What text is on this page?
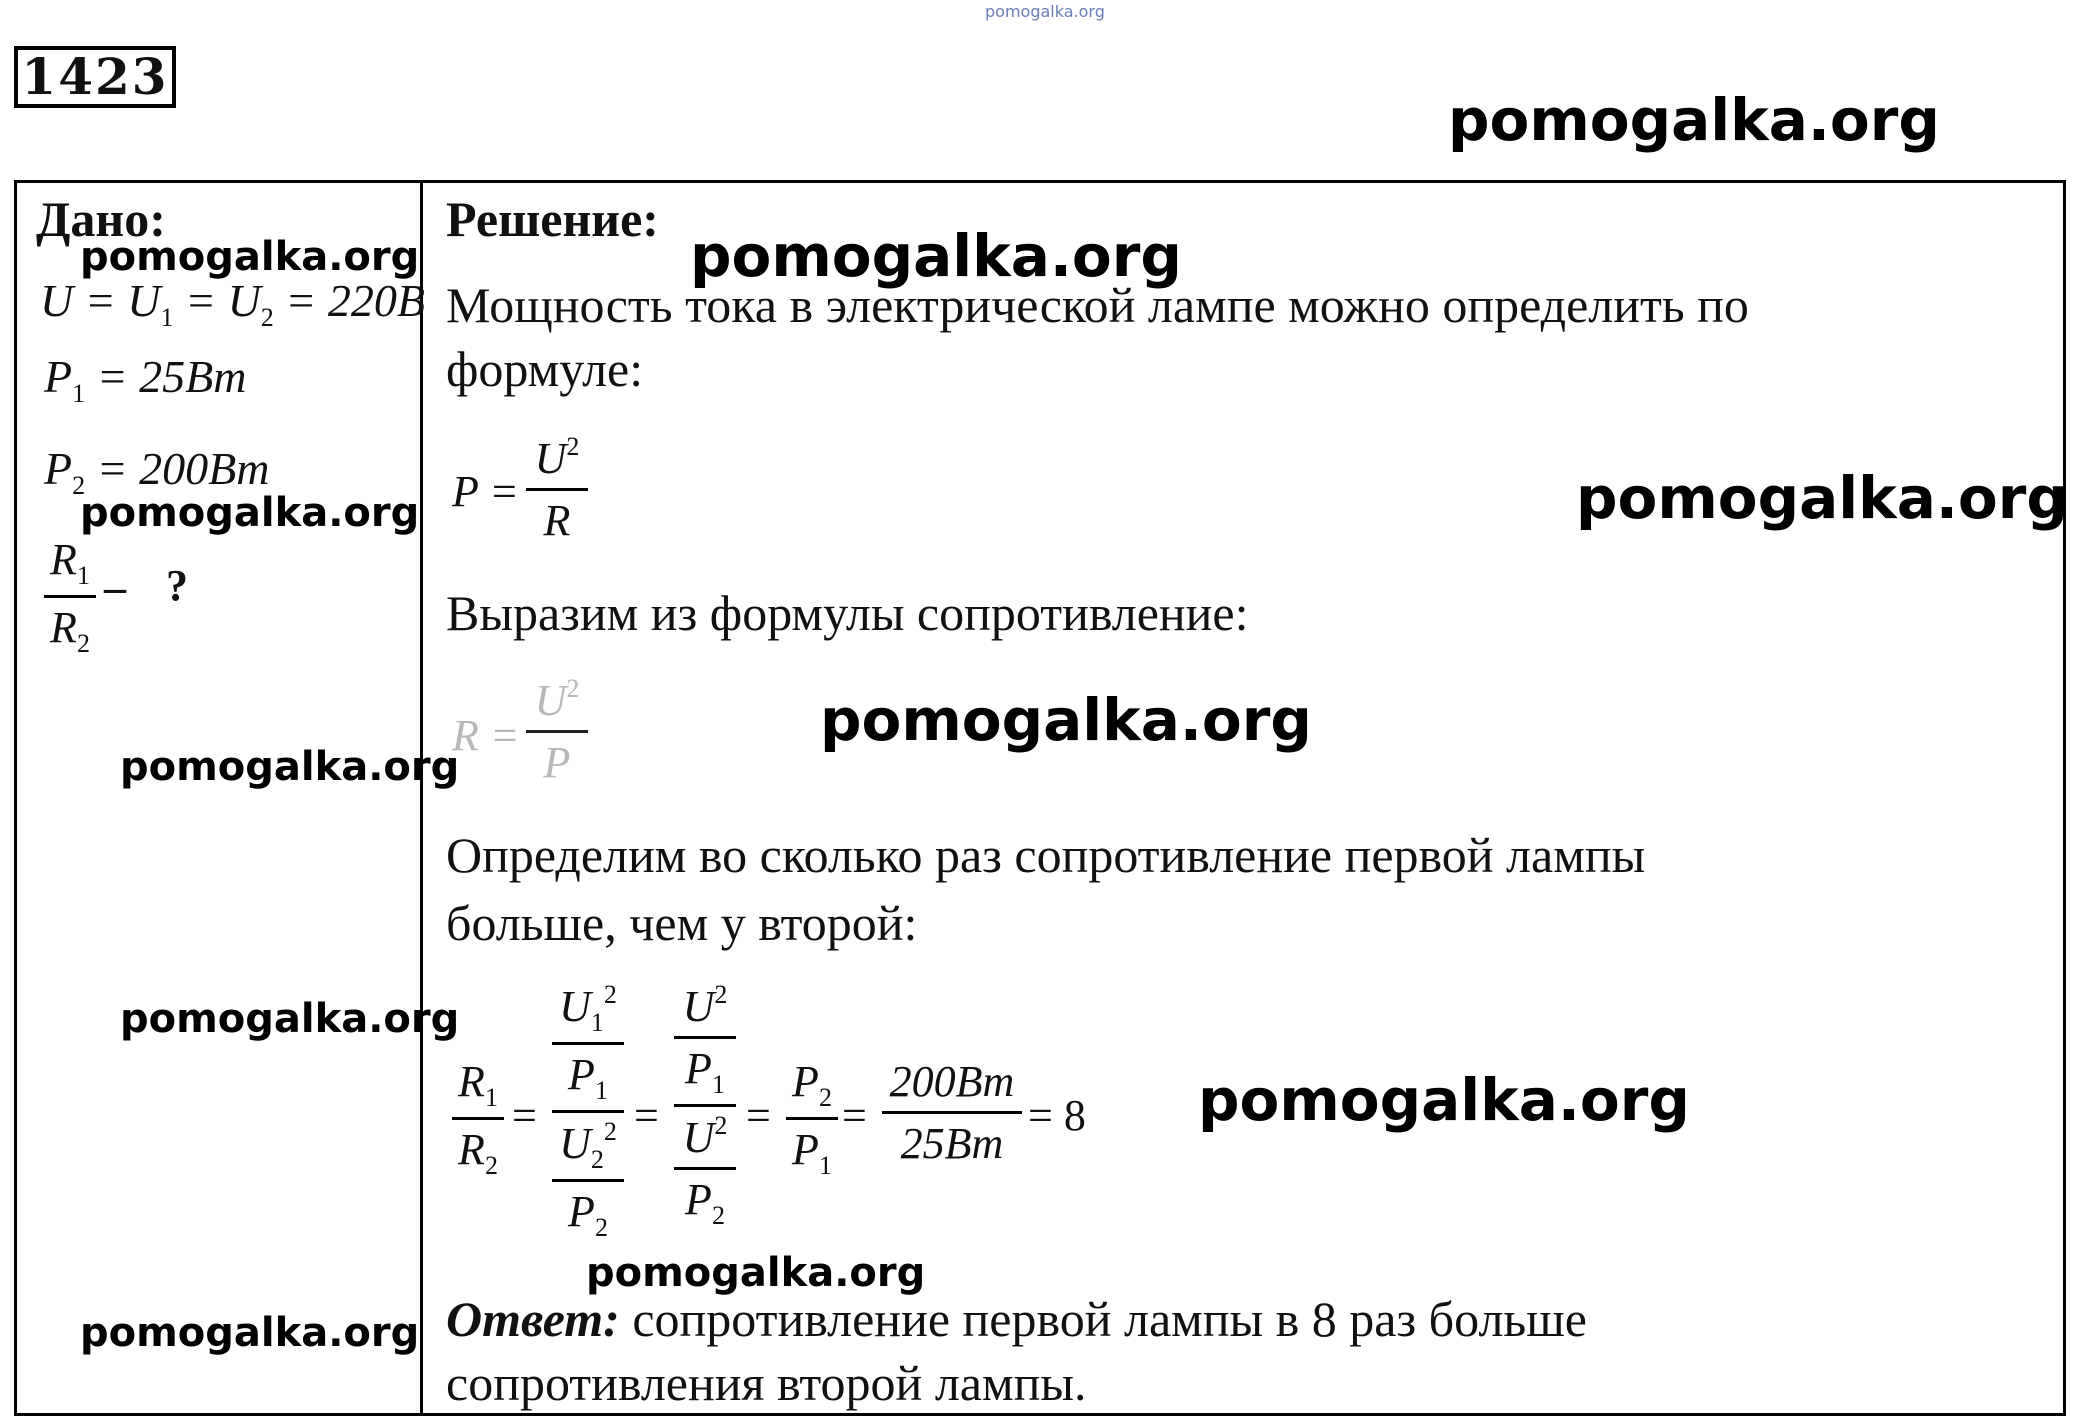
pomogalka.org
1423
pomogalka.org
Дано:
pomogalka.org
$U = U_1 = U_2 = 220B$
$P_1 = 25Bm$
$P_2 = 200Bm$
pomogalka.org
$R_1$
$R_2$
– ?
pomogalka.org
pomogalka.org
pomogalka.org
Решение:
pomogalka.org
Мощность тока в электрической лампе можно определить по
формуле:
P =
$U^2$
R	pomogalka.org
Выразим из формулы сопротивление:
R =
$U^2$
P
pomogalka.org
Определим во сколько раз сопротивление первой лампы
больше, чем у второй:
$R_1$
$R_2$
=
$U_1^2$
$P_1$
$U_2^2$
$P_2$
=
$U^2$
$P_1$
$U^2$
$P_2$
=
$P_2$
$P_1$
=
200Bm
25Bm
= 8 pomogalka.org
pomogalka.org
Ответ: сопротивление первой лампы в 8 раз больше
сопротивления второй лампы.
